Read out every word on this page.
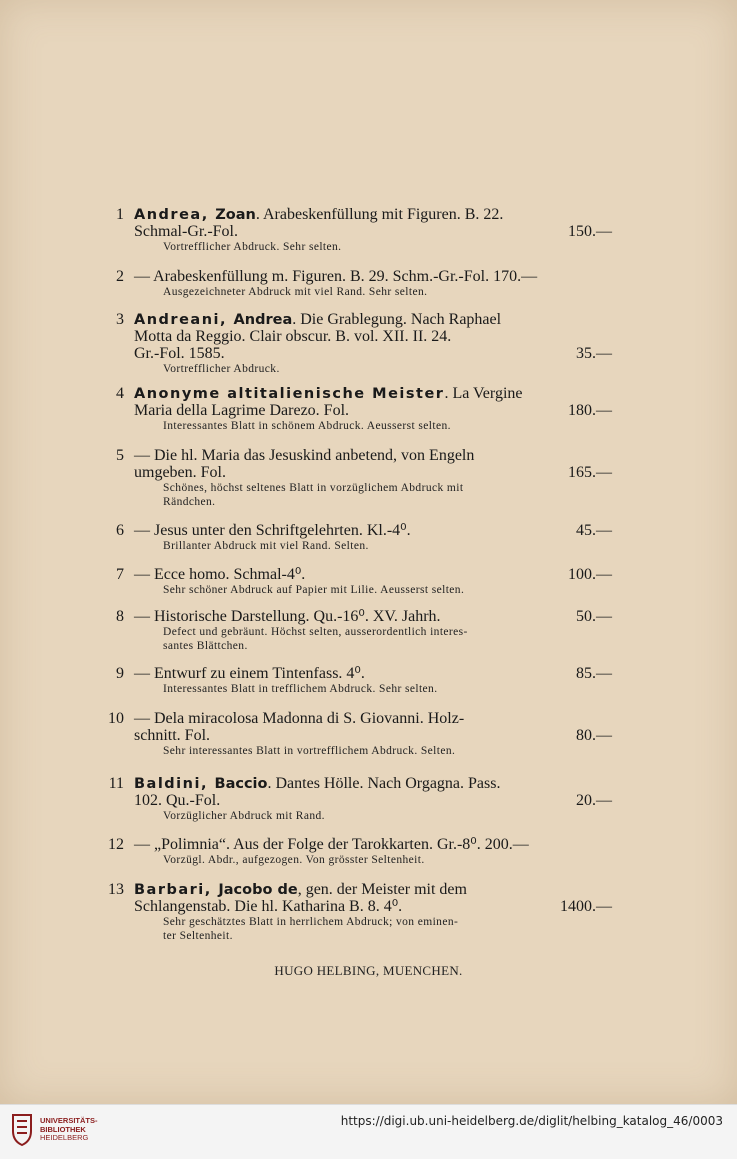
1 Andrea, Zoan. Arabeskenfüllung mit Figuren. B. 22.
Schmal-Gr.-Fol.	150.—
Vortrefflicher Abdruck. Sehr selten.
2 — Arabeskenfüllung m. Figuren. B. 29. Schm.-Gr.-Fol. 170.—
Ausgezeichneter Abdruck mit viel Rand. Sehr selten.
3 Andreani, Andrea. Die Grablegung. Nach Raphael
Motta da Reggio. Clair obscur. B. vol. XII. II. 24.
Gr.-Fol. 1585.	35.—
Vortrefflicher Abdruck.
4 Anonyme altitalienische Meister. La Vergine
Maria della Lagrime Darezo. Fol.	180.—
Interessantes Blatt in schönem Abdruck. Aeusserst selten.
5 — Die hl. Maria das Jesuskind anbetend, von Engeln
umgeben. Fol.	165.—
Schönes, höchst seltenes Blatt in vorzüglichem Abdruck mit
Rändchen.
6 — Jesus unter den Schriftgelehrten. Kl.-4⁰.	45.—
Brillanter Abdruck mit viel Rand. Selten.
7 — Ecce homo. Schmal-4⁰.	100.—
Sehr schöner Abdruck auf Papier mit Lilie. Aeusserst selten.
8 — Historische Darstellung. Qu.-16⁰. XV. Jahrh.	50.—
Defect und gebräunt. Höchst selten, ausserordentlich interes-
santes Blättchen.
9 — Entwurf zu einem Tintenfass. 4⁰.	85.—
Interessantes Blatt in trefflichem Abdruck. Sehr selten.
10 — Dela miracolosa Madonna di S. Giovanni. Holz-
schnitt. Fol.	80.—
Sehr interessantes Blatt in vortrefflichem Abdruck. Selten.
11 Baldini, Baccio. Dantes Hölle. Nach Orgagna. Pass.
102. Qu.-Fol.	20.—
Vorzüglicher Abdruck mit Rand.
12 — „Polimnia“. Aus der Folge der Tarokkarten. Gr.-8⁰. 200.—
Vorzügl. Abdr., aufgezogen. Von grösster Seltenheit.
13 Barbari, Jacobo de, gen. der Meister mit dem
Schlangenstab. Die hl. Katharina B. 8. 4⁰.	1400.—
Sehr geschätztes Blatt in herrlichem Abdruck; von eminen-
ter Seltenheit.
HUGO HELBING, MUENCHEN.
UNIVERSITÄTS-
BIBLIOTHEK
HEIDELBERG
https://digi.ub.uni-heidelberg.de/diglit/helbing_katalog_46/0003
